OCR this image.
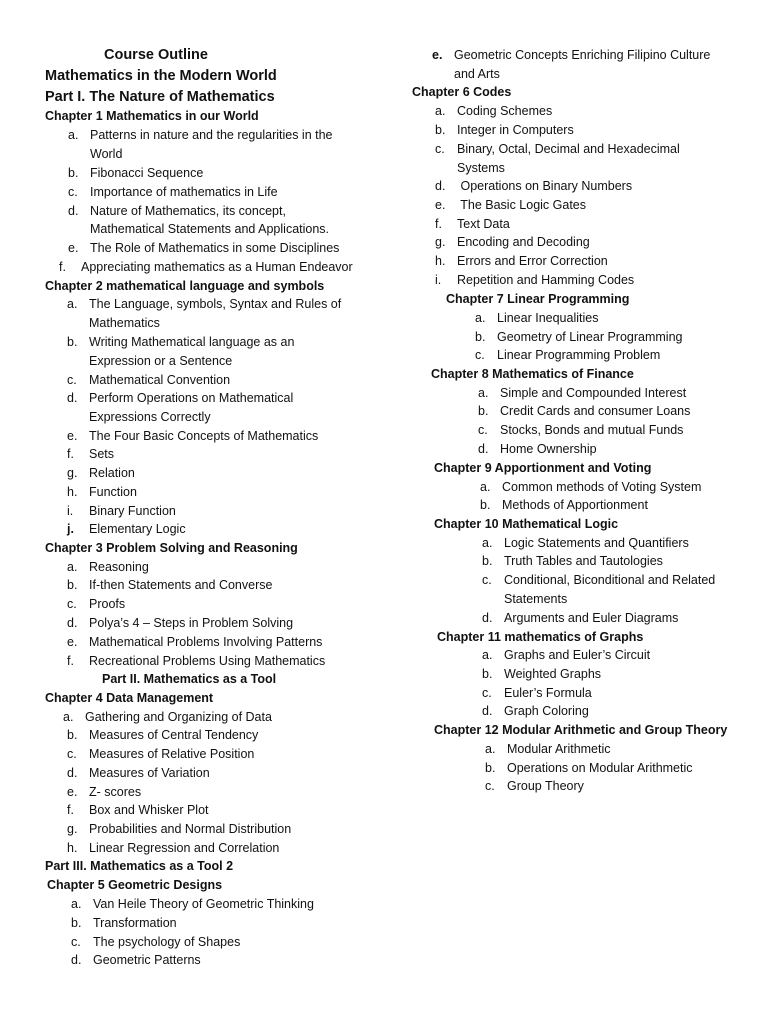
Course Outline
Mathematics in the Modern World
Part I. The Nature of Mathematics
Chapter 1 Mathematics in our World
a. Patterns in nature and the regularities in the
World
b. Fibonacci Sequence
c. Importance of mathematics in Life
d. Nature of Mathematics, its concept,
Mathematical Statements and Applications.
e. The Role of Mathematics in some Disciplines
f. Appreciating mathematics as a Human Endeavor
Chapter 2 mathematical language and symbols
a. The Language, symbols, Syntax and Rules of
Mathematics
b. Writing Mathematical language as an
Expression or a Sentence
c. Mathematical Convention
d. Perform Operations on Mathematical
Expressions Correctly
e. The Four Basic Concepts of Mathematics
f. Sets
g. Relation
h. Function
i. Binary Function
j. Elementary Logic
Chapter 3 Problem Solving and Reasoning
a. Reasoning
b. If-then Statements and Converse
c. Proofs
d. Polya’s 4 – Steps in Problem Solving
e. Mathematical Problems Involving Patterns
f. Recreational Problems Using Mathematics
Part II. Mathematics as a Tool
Chapter 4 Data Management
a. Gathering and Organizing of Data
b. Measures of Central Tendency
c. Measures of Relative Position
d. Measures of Variation
e. Z- scores
f. Box and Whisker Plot
g. Probabilities and Normal Distribution
h. Linear Regression and Correlation
Part III. Mathematics as a Tool 2
Chapter 5 Geometric Designs
a. Van Heile Theory of Geometric Thinking
b. Transformation
c. The psychology of Shapes
d. Geometric Patterns
e. Geometric Concepts Enriching Filipino Culture
and Arts
Chapter 6 Codes
a. Coding Schemes
b. Integer in Computers
c. Binary, Octal, Decimal and Hexadecimal
Systems
d. Operations on Binary Numbers
e. The Basic Logic Gates
f. Text Data
g. Encoding and Decoding
h. Errors and Error Correction
i. Repetition and Hamming Codes
Chapter 7 Linear Programming
a. Linear Inequalities
b. Geometry of Linear Programming
c. Linear Programming Problem
Chapter 8 Mathematics of Finance
a. Simple and Compounded Interest
b. Credit Cards and consumer Loans
c. Stocks, Bonds and mutual Funds
d. Home Ownership
Chapter 9 Apportionment and Voting
a. Common methods of Voting System
b. Methods of Apportionment
Chapter 10 Mathematical Logic
a. Logic Statements and Quantifiers
b. Truth Tables and Tautologies
c. Conditional, Biconditional and Related
Statements
d. Arguments and Euler Diagrams
Chapter 11 mathematics of Graphs
a. Graphs and Euler’s Circuit
b. Weighted Graphs
c. Euler’s Formula
d. Graph Coloring
Chapter 12 Modular Arithmetic and Group Theory
a. Modular Arithmetic
b. Operations on Modular Arithmetic
c. Group Theory
